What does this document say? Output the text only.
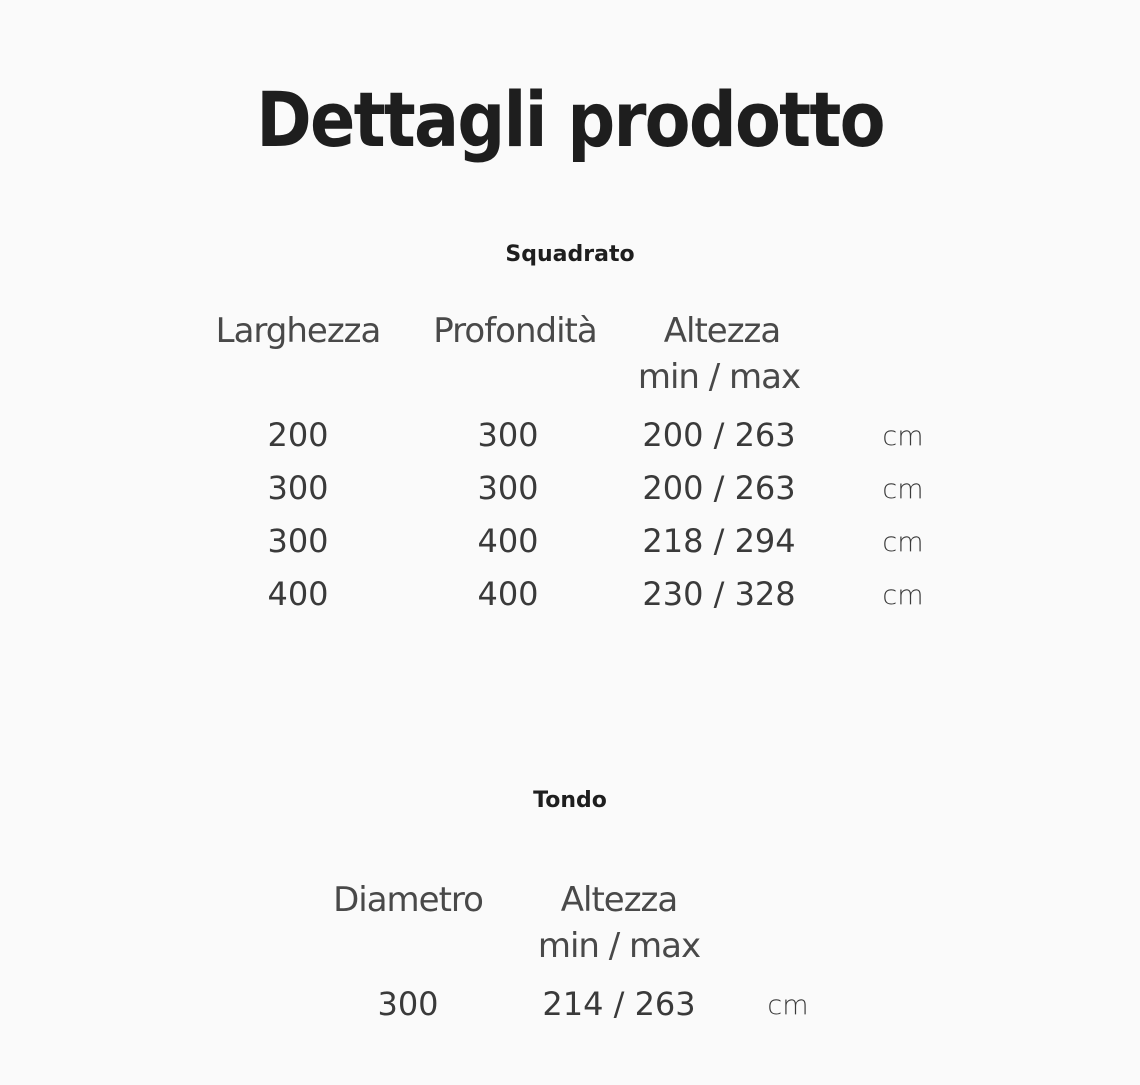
Dettagli prodotto
Squadrato
Larghezza	Profondità	Altezza
min / max
200	300	200 / 263	cm
300	300	200 / 263	cm
300	400	218 / 294	cm
400	400	230 / 328	cm
Tondo
Diametro	Altezza
min / max
300	214 / 263	cm
